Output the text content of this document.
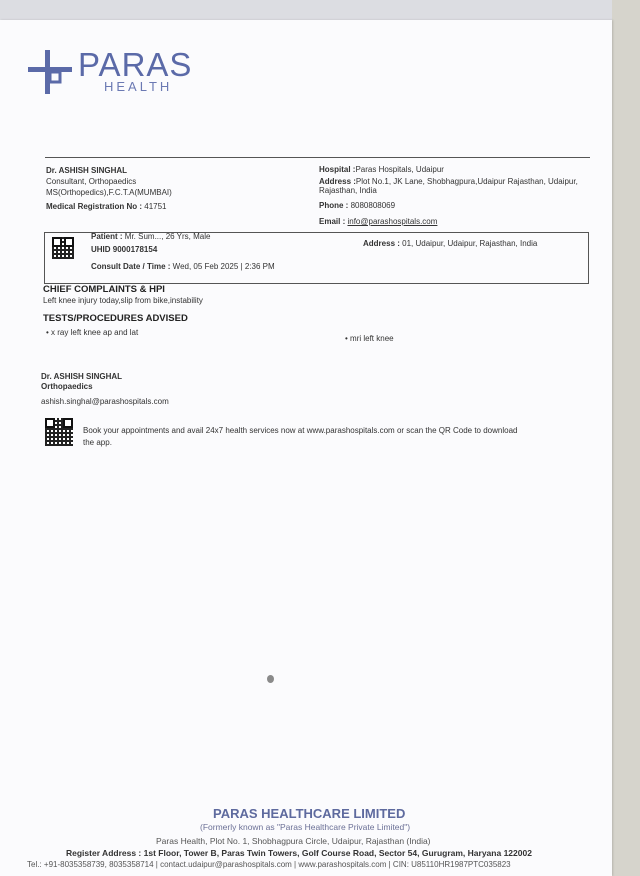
PARAS
HEALTH
Dr. ASHISH SINGHAL
Consultant, Orthopaedics
MS(Orthopedics),F.C.T.A(MUMBAI)
Medical Registration No : 41751
Hospital :Paras Hospitals, Udaipur
Address :Plot No.1, JK Lane, Shobhagpura,Udaipur Rajasthan, Udaipur,
Rajasthan, India
Phone : 8080808069
Email : info@parashospitals.com
Patient : Mr. Sum..., 26 Yrs, Male
UHID 9000178154
Consult Date / Time : Wed, 05 Feb 2025 | 2:36 PM
Address : 01, Udaipur, Udaipur, Rajasthan, India
CHIEF COMPLAINTS & HPI
Left knee injury today,slip from bike,instability
TESTS/PROCEDURES ADVISED
• x ray left knee ap and lat
• mri left knee
Dr. ASHISH SINGHAL
Orthopaedics
ashish.singhal@parashospitals.com
Book your appointments and avail 24x7 health services now at www.parashospitals.com or scan the QR Code to download
the app.
PARAS HEALTHCARE LIMITED
(Formerly known as "Paras Healthcare Private Limited")
Paras Health, Plot No. 1, Shobhagpura Circle, Udaipur, Rajasthan (India)
Register Address : 1st Floor, Tower B, Paras Twin Towers, Golf Course Road, Sector 54, Gurugram, Haryana 122002
Tel.: +91-8035358739, 8035358714 | contact.udaipur@parashospitals.com | www.parashospitals.com | CIN: U85110HR1987PTC035823
